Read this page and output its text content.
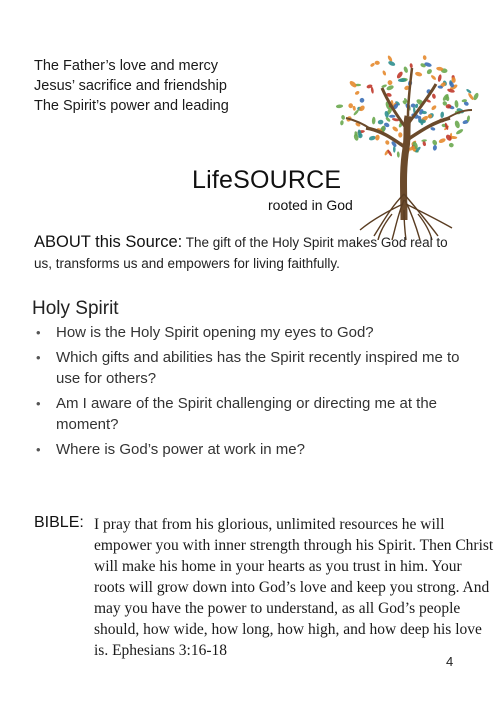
The Father’s love and mercy
Jesus’ sacrifice and friendship
The Spirit’s power and leading
LifeSOURCE
rooted in God
ABOUT this Source: The gift of the Holy Spirit makes God real to us, transforms us and empowers for living faithfully.
Holy Spirit
• How is the Holy Spirit opening my eyes to God?
• Which gifts and abilities has the Spirit recently inspired me to use for others?
• Am I aware of the Spirit challenging or directing me at the moment?
• Where is God’s power at work in me?
BIBLE: I pray that from his glorious, unlimited resources he will empower you with inner strength through his Spirit. Then Christ will make his home in your hearts as you trust in him. Your roots will grow down into God’s love and keep you strong. And may you have the power to understand, as all God’s people should, how wide, how long, how high, and how deep his love is. Ephesians 3:16-18
4
